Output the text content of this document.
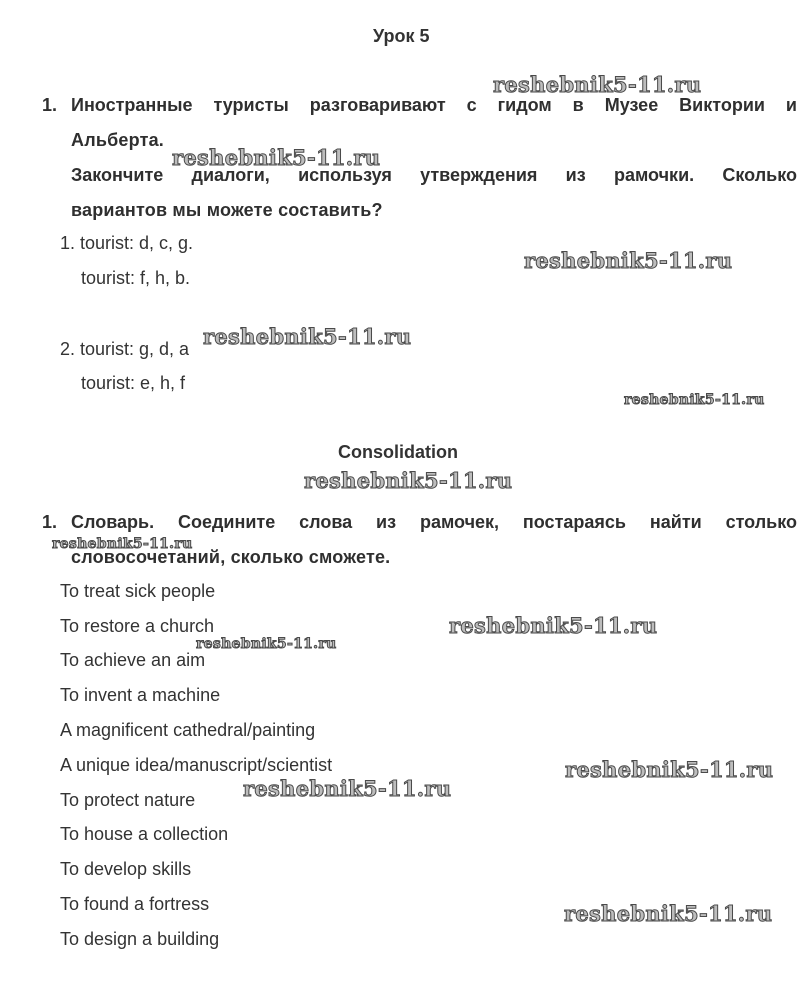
Урок 5
1. Иностранные туристы разговаривают с гидом в Музее Виктории и
Альберта.
Закончите диалоги, используя утверждения из рамочки. Сколько
вариантов мы можете составить?
1. tourist: d, c, g.
tourist: f, h, b.
2. tourist: g, d, a
tourist: e, h, f
Consolidation
1. Словарь. Соедините слова из рамочек, постараясь найти столько
словосочетаний, сколько сможете.
To treat sick people
To restore a church
To achieve an aim
To invent a machine
A magnificent cathedral/painting
A unique idea/manuscript/scientist
To protect nature
To house a collection
To develop skills
To found a fortress
To design a building
reshebnik5-11.ru
reshebnik5-11.ru
reshebnik5-11.ru
reshebnik5-11.ru
reshebnik5-11.ru
reshebnik5-11.ru
reshebnik5-11.ru
reshebnik5-11.ru
reshebnik5-11.ru
reshebnik5-11.ru
reshebnik5-11.ru
reshebnik5-11.ru
